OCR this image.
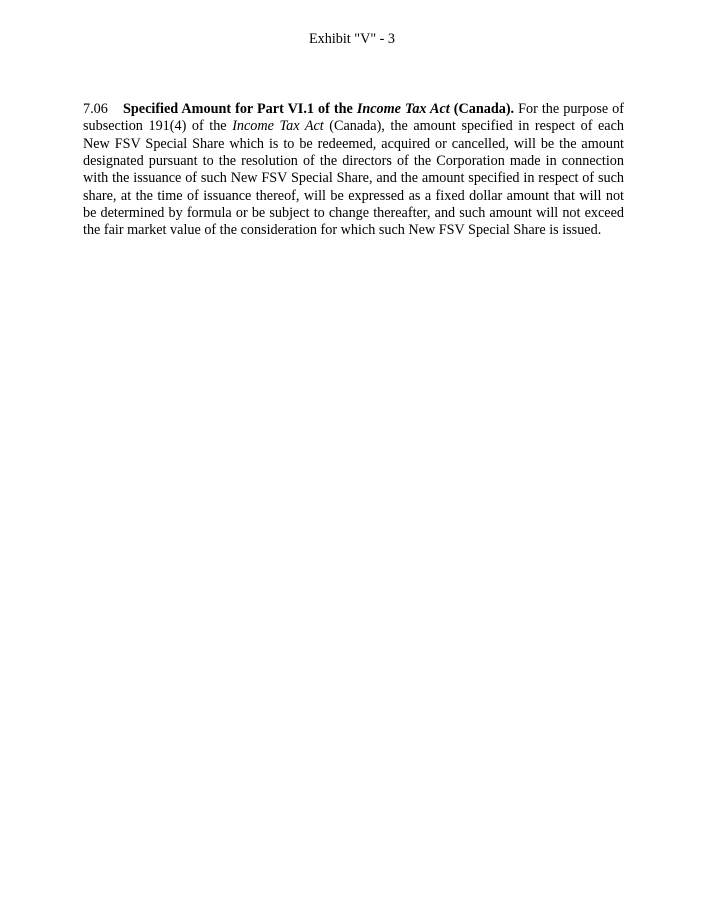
Exhibit "V" - 3

7.06 Specified Amount for Part VI.1 of the Income Tax Act (Canada). For the purpose of subsection 191(4) of the Income Tax Act (Canada), the amount specified in respect of each New FSV Special Share which is to be redeemed, acquired or cancelled, will be the amount designated pursuant to the resolution of the directors of the Corporation made in connection with the issuance of such New FSV Special Share, and the amount specified in respect of such share, at the time of issuance thereof, will be expressed as a fixed dollar amount that will not be determined by formula or be subject to change thereafter, and such amount will not exceed the fair market value of the consideration for which such New FSV Special Share is issued.
